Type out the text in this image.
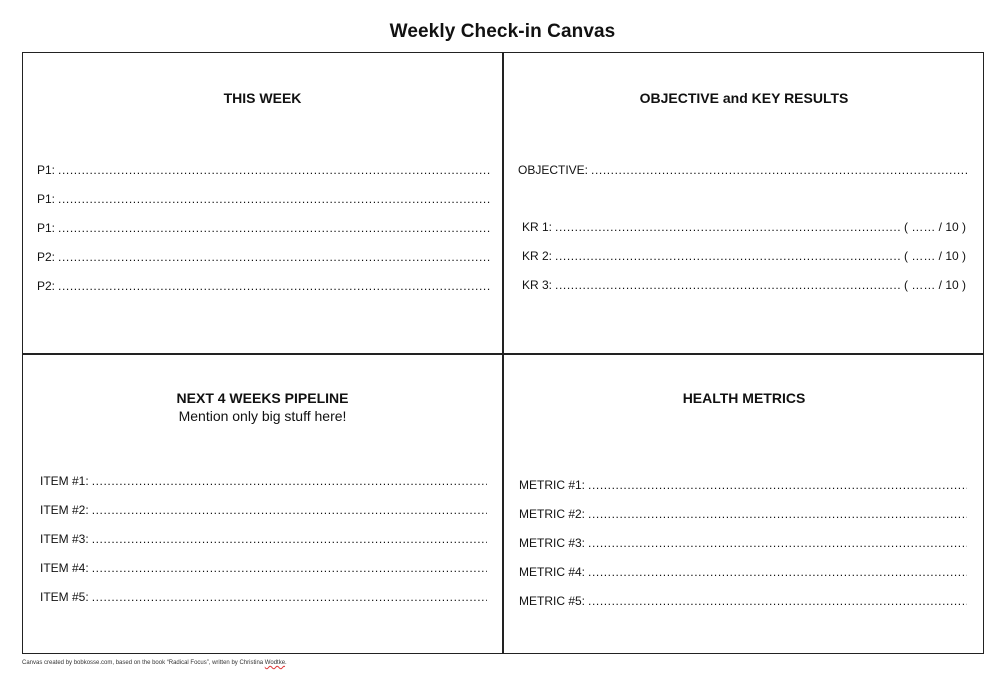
Weekly Check-in Canvas
THIS WEEK
P1:
.....
P1:
.....
P1:
.....
P2:
.....
P2:
.....
OBJECTIVE and KEY RESULTS
OBJECTIVE:
.....
KR 1: .....	( …… / 10 )
KR 2: .....	( …… / 10 )
KR 3: .....	( …… / 10 )
NEXT 4 WEEKS PIPELINE
Mention only big stuff here!
ITEM #1:
.....
ITEM #2:
.....
ITEM #3:
.....
ITEM #4:
.....
ITEM #5:
.....
HEALTH METRICS
METRIC #1:
.....
METRIC #2:
.....
METRIC #3:
.....
METRIC #4:
.....
METRIC #5:
.....
Canvas created by bobkosse.com, based on the book “Radical Focus”, written by Christina Wodtke.
